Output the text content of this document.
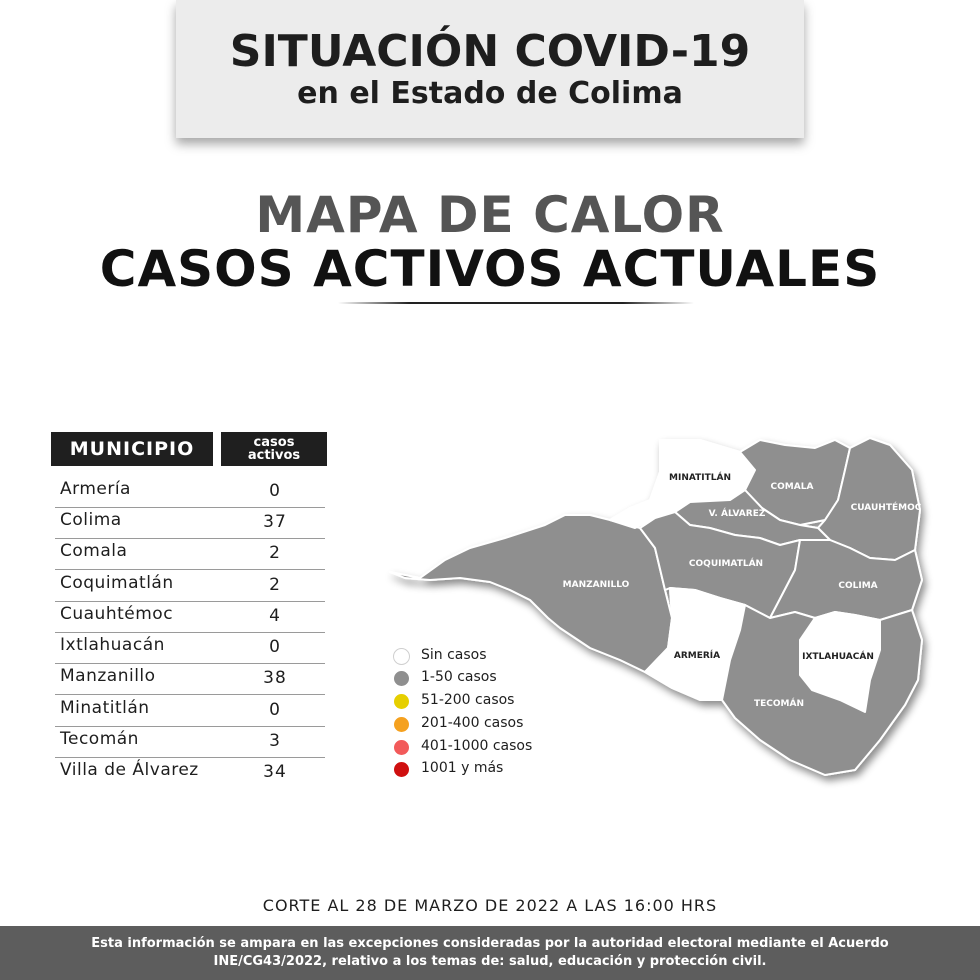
SITUACIÓN COVID-19
en el Estado de Colima
MAPA DE CALOR
CASOS ACTIVOS ACTUALES
MUNICIPIO	casos
activos
Armería	0
Colima	37
Comala	2
Coquimatlán	2
Cuauhtémoc	4
Ixtlahuacán	0
Manzanillo	38
Minatitlán	0
Tecomán	3
Villa de Álvarez	34
MINATITLÁN
COMALA
CUAUHTÉMOC
V. ÁLVAREZ
COQUIMATLÁN
MANZANILLO	COLIMA
ARMERÍA	IXTLAHUACÁN
TECOMÁN
Sin casos
1-50 casos
51-200 casos
201-400 casos
401-1000 casos
1001 y más
CORTE AL 28 DE MARZO DE 2022 A LAS 16:00 HRS
Esta información se ampara en las excepciones consideradas por la autoridad electoral mediante el Acuerdo
INE/CG43/2022, relativo a los temas de: salud, educación y protección civil.
